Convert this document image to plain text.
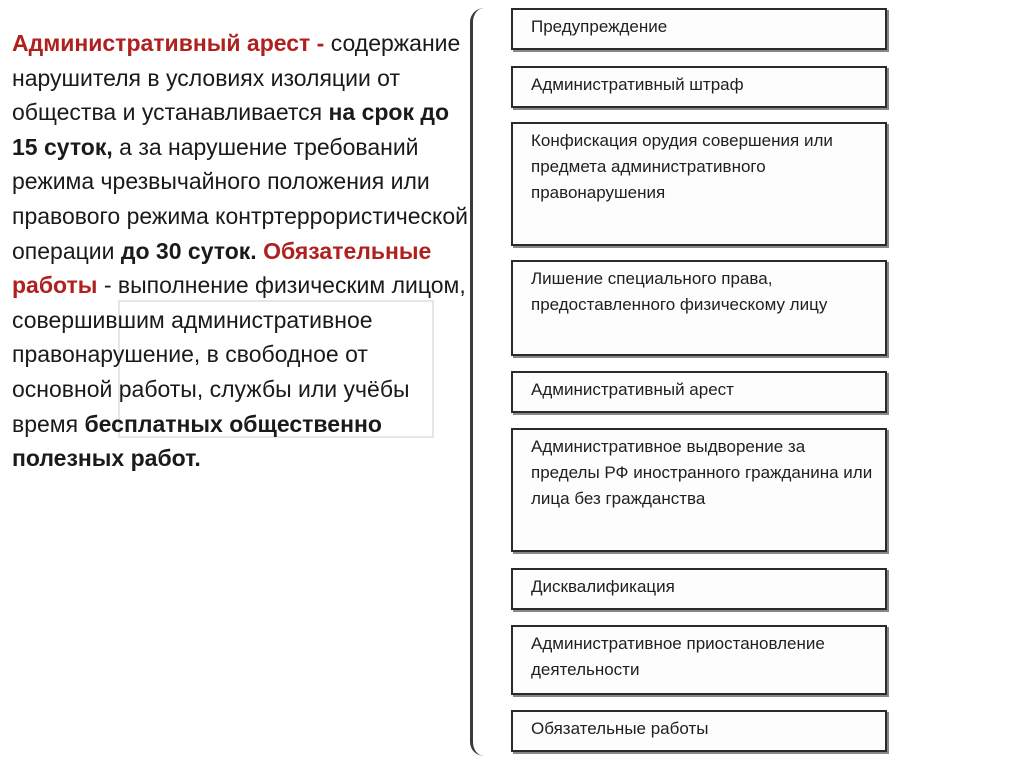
Административный арест - содержание нарушителя в условиях изоляции от общества и устанавливается на срок до 15 суток, а за нарушение требований режима чрезвычайного положения или правового режима контртеррористической операции до 30 суток. Обязательные работы - выполнение физическим лицом, совершившим административное правонарушение, в свободное от основной работы, службы или учёбы время бесплатных общественно полезных работ.
Предупреждение
Административный штраф
Конфискация орудия совершения или предмета административного правонарушения
Лишение специального права, предоставленного физическому лицу
Административный арест
Административное выдворение за пределы РФ иностранного гражданина или лица без гражданства
Дисквалификация
Административное приостановление деятельности
Обязательные работы
